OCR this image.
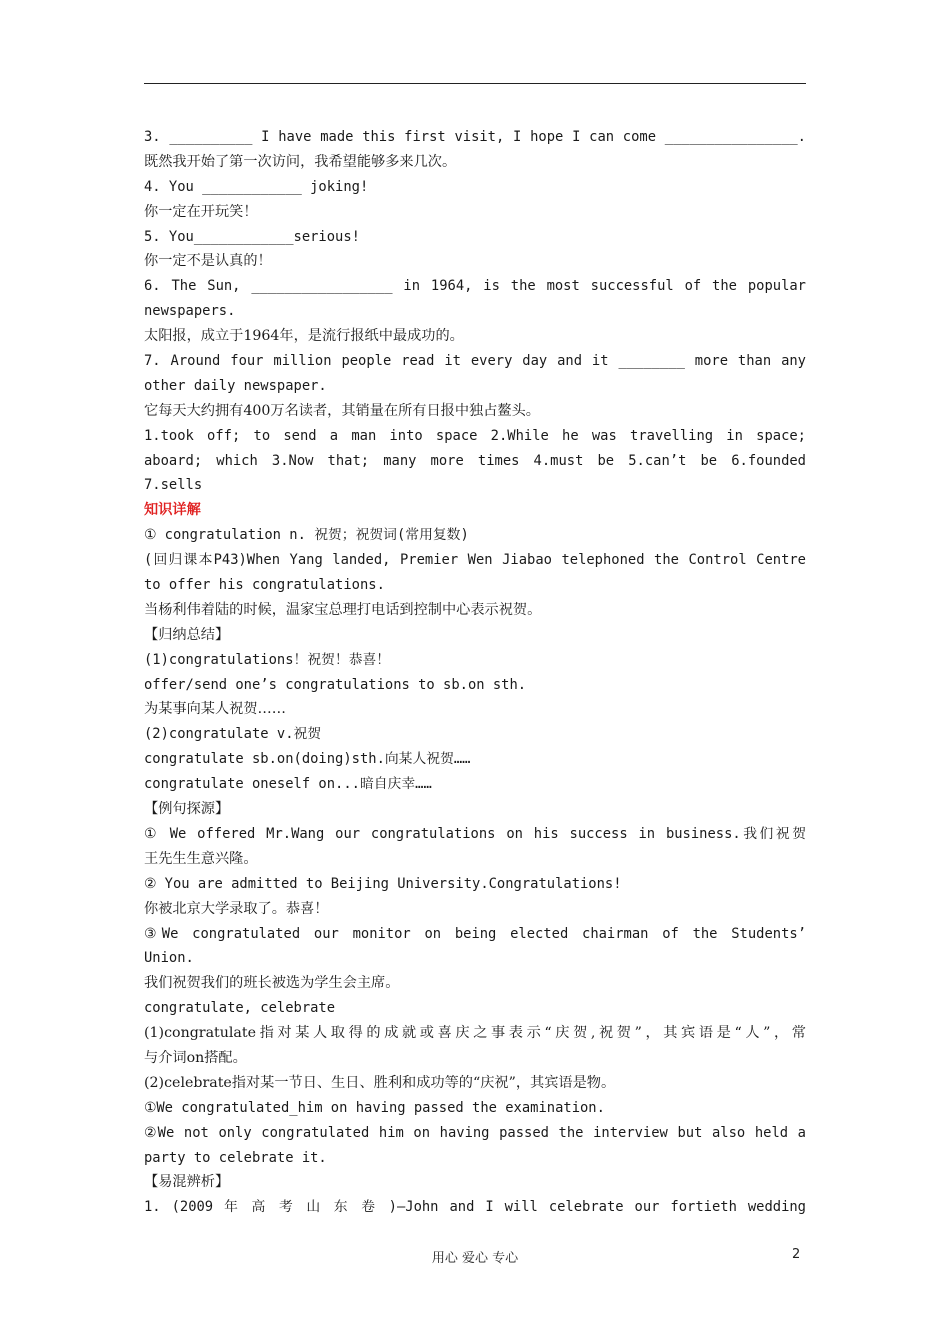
3. __________ I have made this first visit, I hope I can come ________________.
既然我开始了第一次访问，我希望能够多来几次。
4. You ____________ joking!
你一定在开玩笑！
5. You____________serious!
你一定不是认真的！
6. The Sun, _________________ in 1964, is the most successful of the popular
newspapers.
太阳报，成立于1964年，是流行报纸中最成功的。
7. Around four million people read it every day and it ________ more than any
other daily newspaper.
它每天大约拥有400万名读者，其销量在所有日报中独占鳌头。
1.took off; to send a man into space 2.While he was travelling in space;
aboard; which 3.Now that; many more times 4.must be 5.can’t be 6.founded
7.sells
知识详解
① congratulation n. 祝贺；祝贺词(常用复数)
(回归课本P43)When Yang landed, Premier Wen Jiabao telephoned the Control Centre
to offer his congratulations.
当杨利伟着陆的时候，温家宝总理打电话到控制中心表示祝贺。
【归纳总结】
(1)congratulations！祝贺！恭喜！
offer/send one’s congratulations to sb.on sth.
为某事向某人祝贺……
(2)congratulate v.祝贺
congratulate sb.on(doing)sth.向某人祝贺……
congratulate oneself on...暗自庆幸……
【例句探源】
① We offered Mr.Wang our congratulations on his success in business.我们祝贺
王先生生意兴隆。
② You are admitted to Beijing University.Congratulations!
你被北京大学录取了。恭喜！
③We congratulated our monitor on being elected chairman of the Students’
Union.
我们祝贺我们的班长被选为学生会主席。
congratulate, celebrate
(1)congratulate指对某人取得的成就或喜庆之事表示“庆贺,祝贺”，其宾语是“人”，常
与介词on搭配。
(2)celebrate指对某一节日、生日、胜利和成功等的“庆祝”，其宾语是物。
①We congratulated_him on having passed the examination.
②We not only congratulated him on having passed the interview but also held a
party to celebrate it.
【易混辨析】
1. (2009 年 高 考 山 东 卷 )—John and I will celebrate our fortieth wedding
用心 爱心 专心	2
